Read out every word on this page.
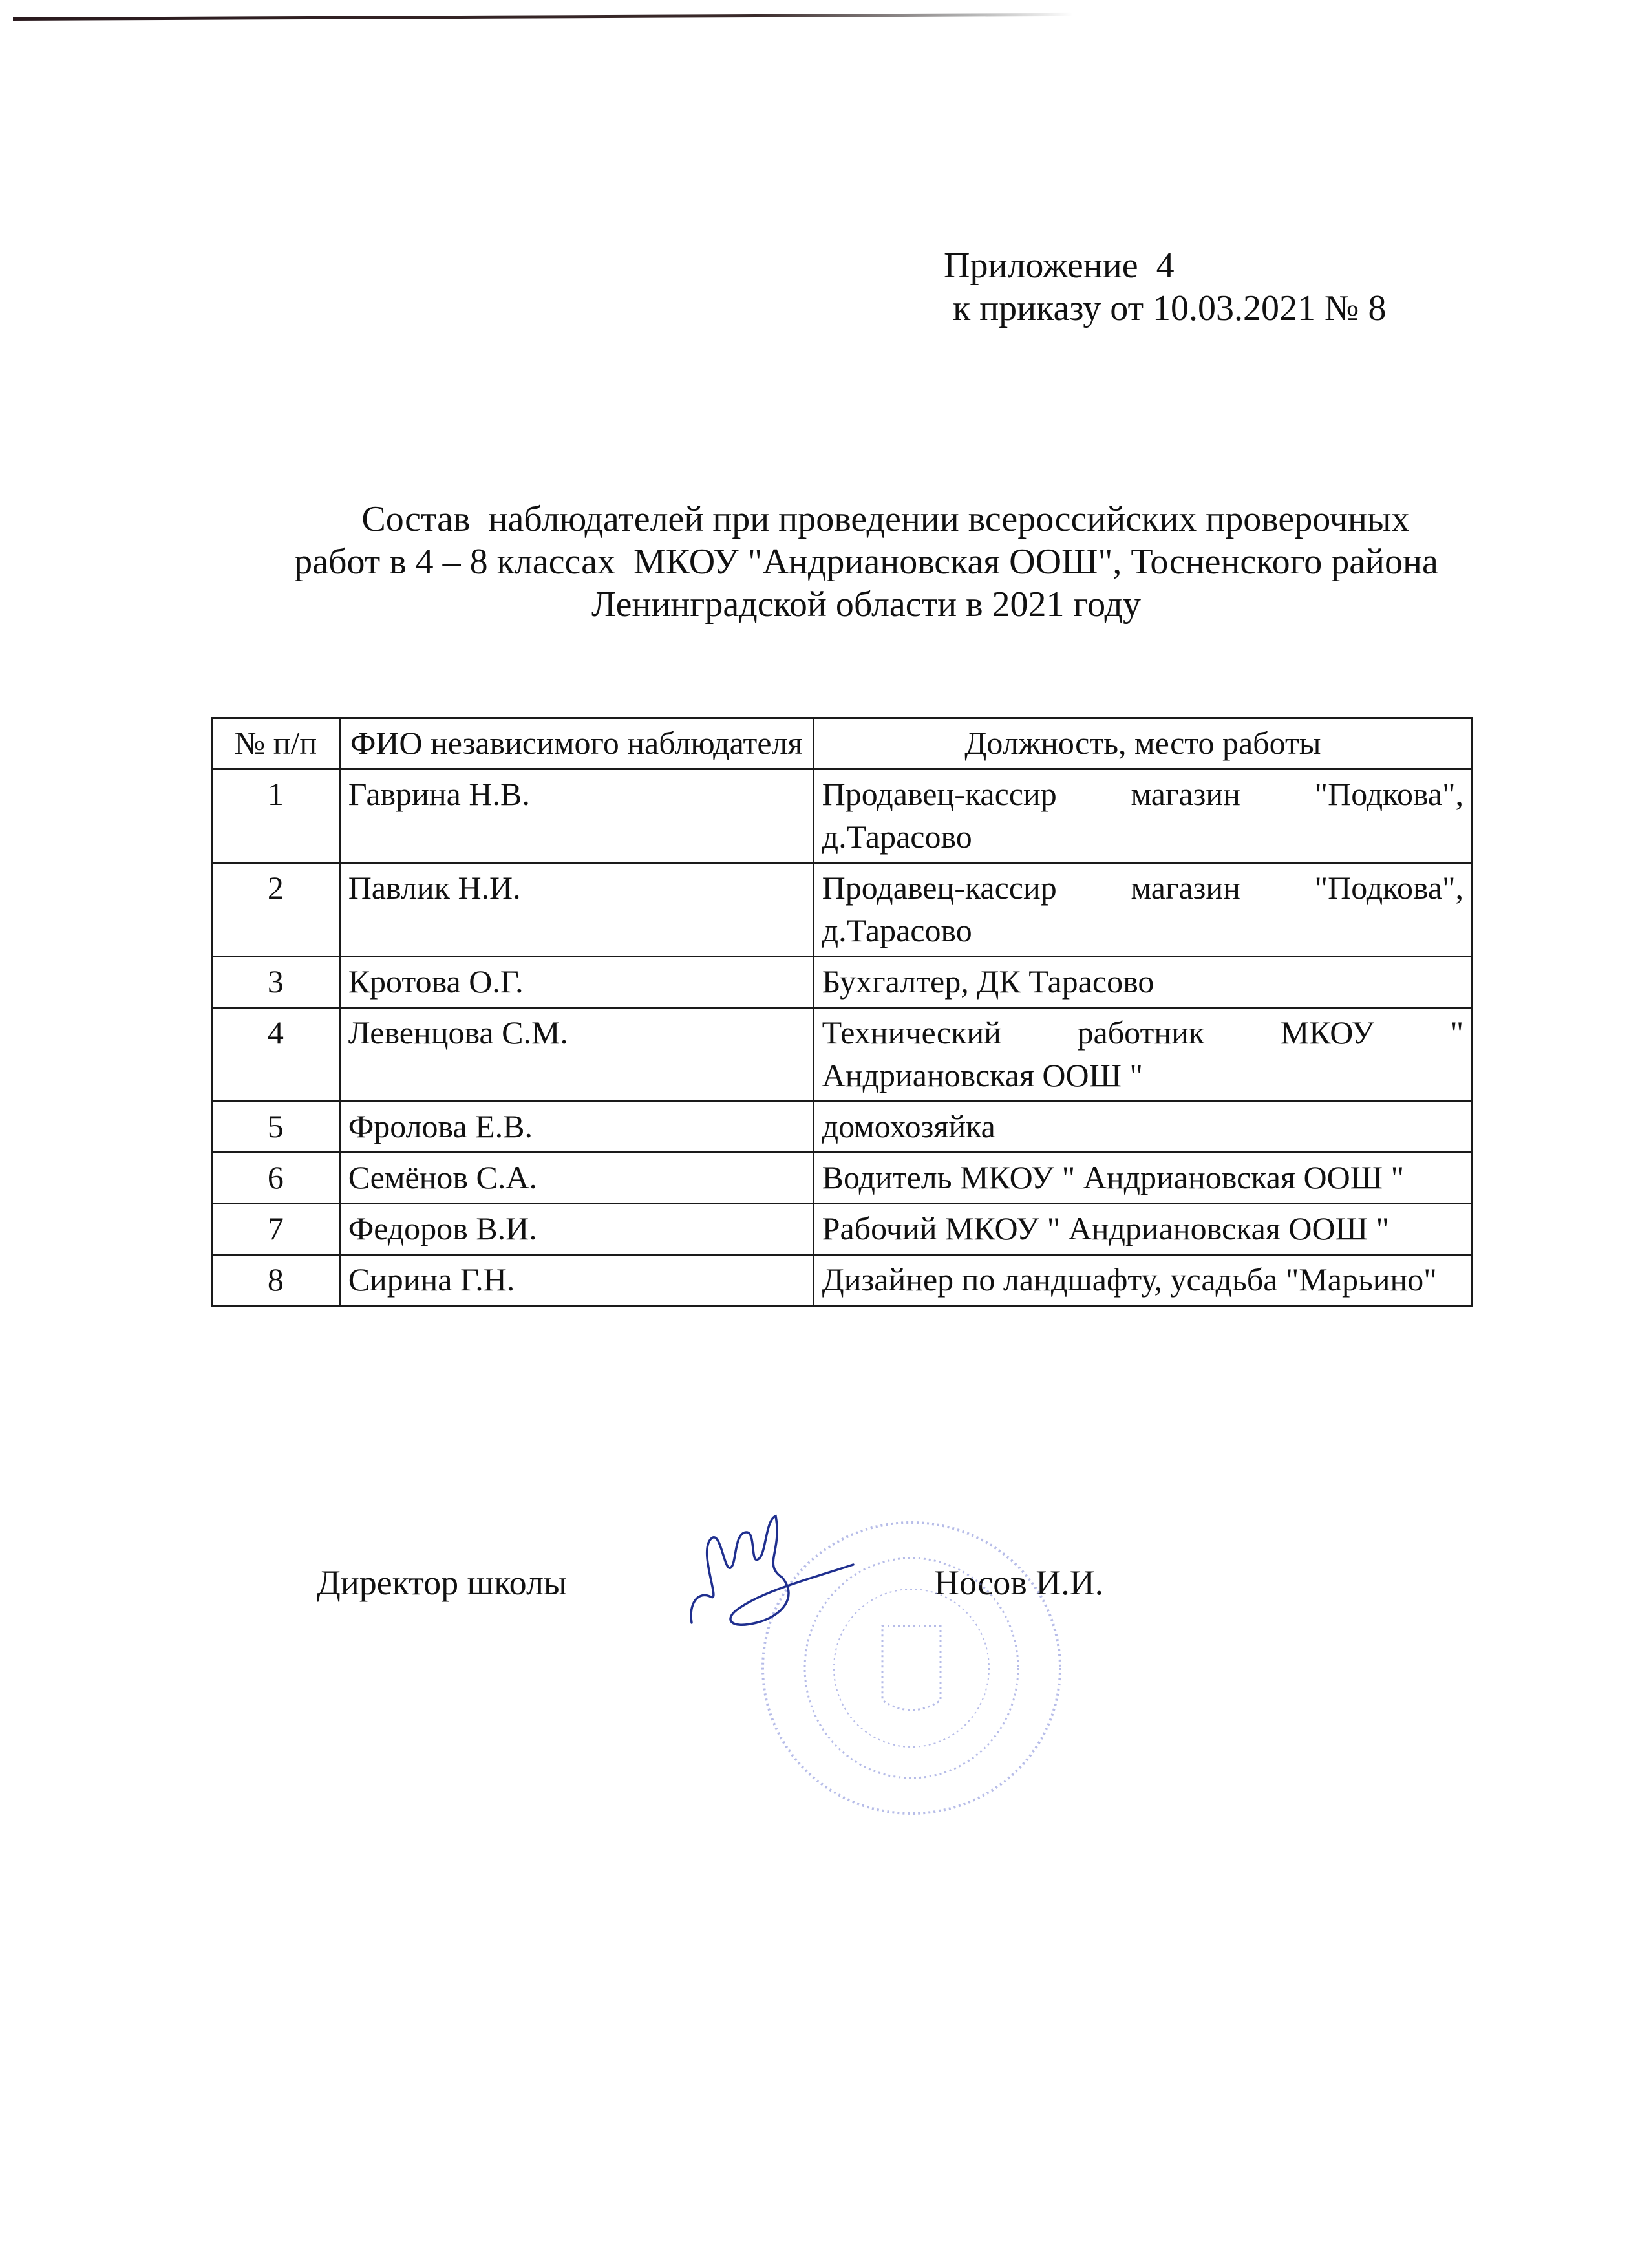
Приложение  4
к приказу от 10.03.2021 № 8
Состав  наблюдателей при проведении всероссийских проверочных
работ в 4 – 8 классах  МКОУ "Андриановская ООШ", Тосненского района
Ленинградской области в 2021 году
№ п/п	ФИО независимого наблюдателя	Должность, место работы
1	Гаврина Н.В.	Продавец-кассир магазин "Подкова", д.Тарасово
2	Павлик Н.И.	Продавец-кассир магазин "Подкова", д.Тарасово
3	Кротова О.Г.	Бухгалтер, ДК Тарасово
4	Левенцова С.М.	Технический работник МКОУ " Андриановская ООШ "
5	Фролова Е.В.	домохозяйка
6	Семёнов С.А.	Водитель МКОУ " Андриановская ООШ "
7	Федоров В.И.	Рабочий МКОУ " Андриановская ООШ "
8	Сирина Г.Н.	Дизайнер по ландшафту, усадьба "Марьино"
Директор школы	Носов И.И.
